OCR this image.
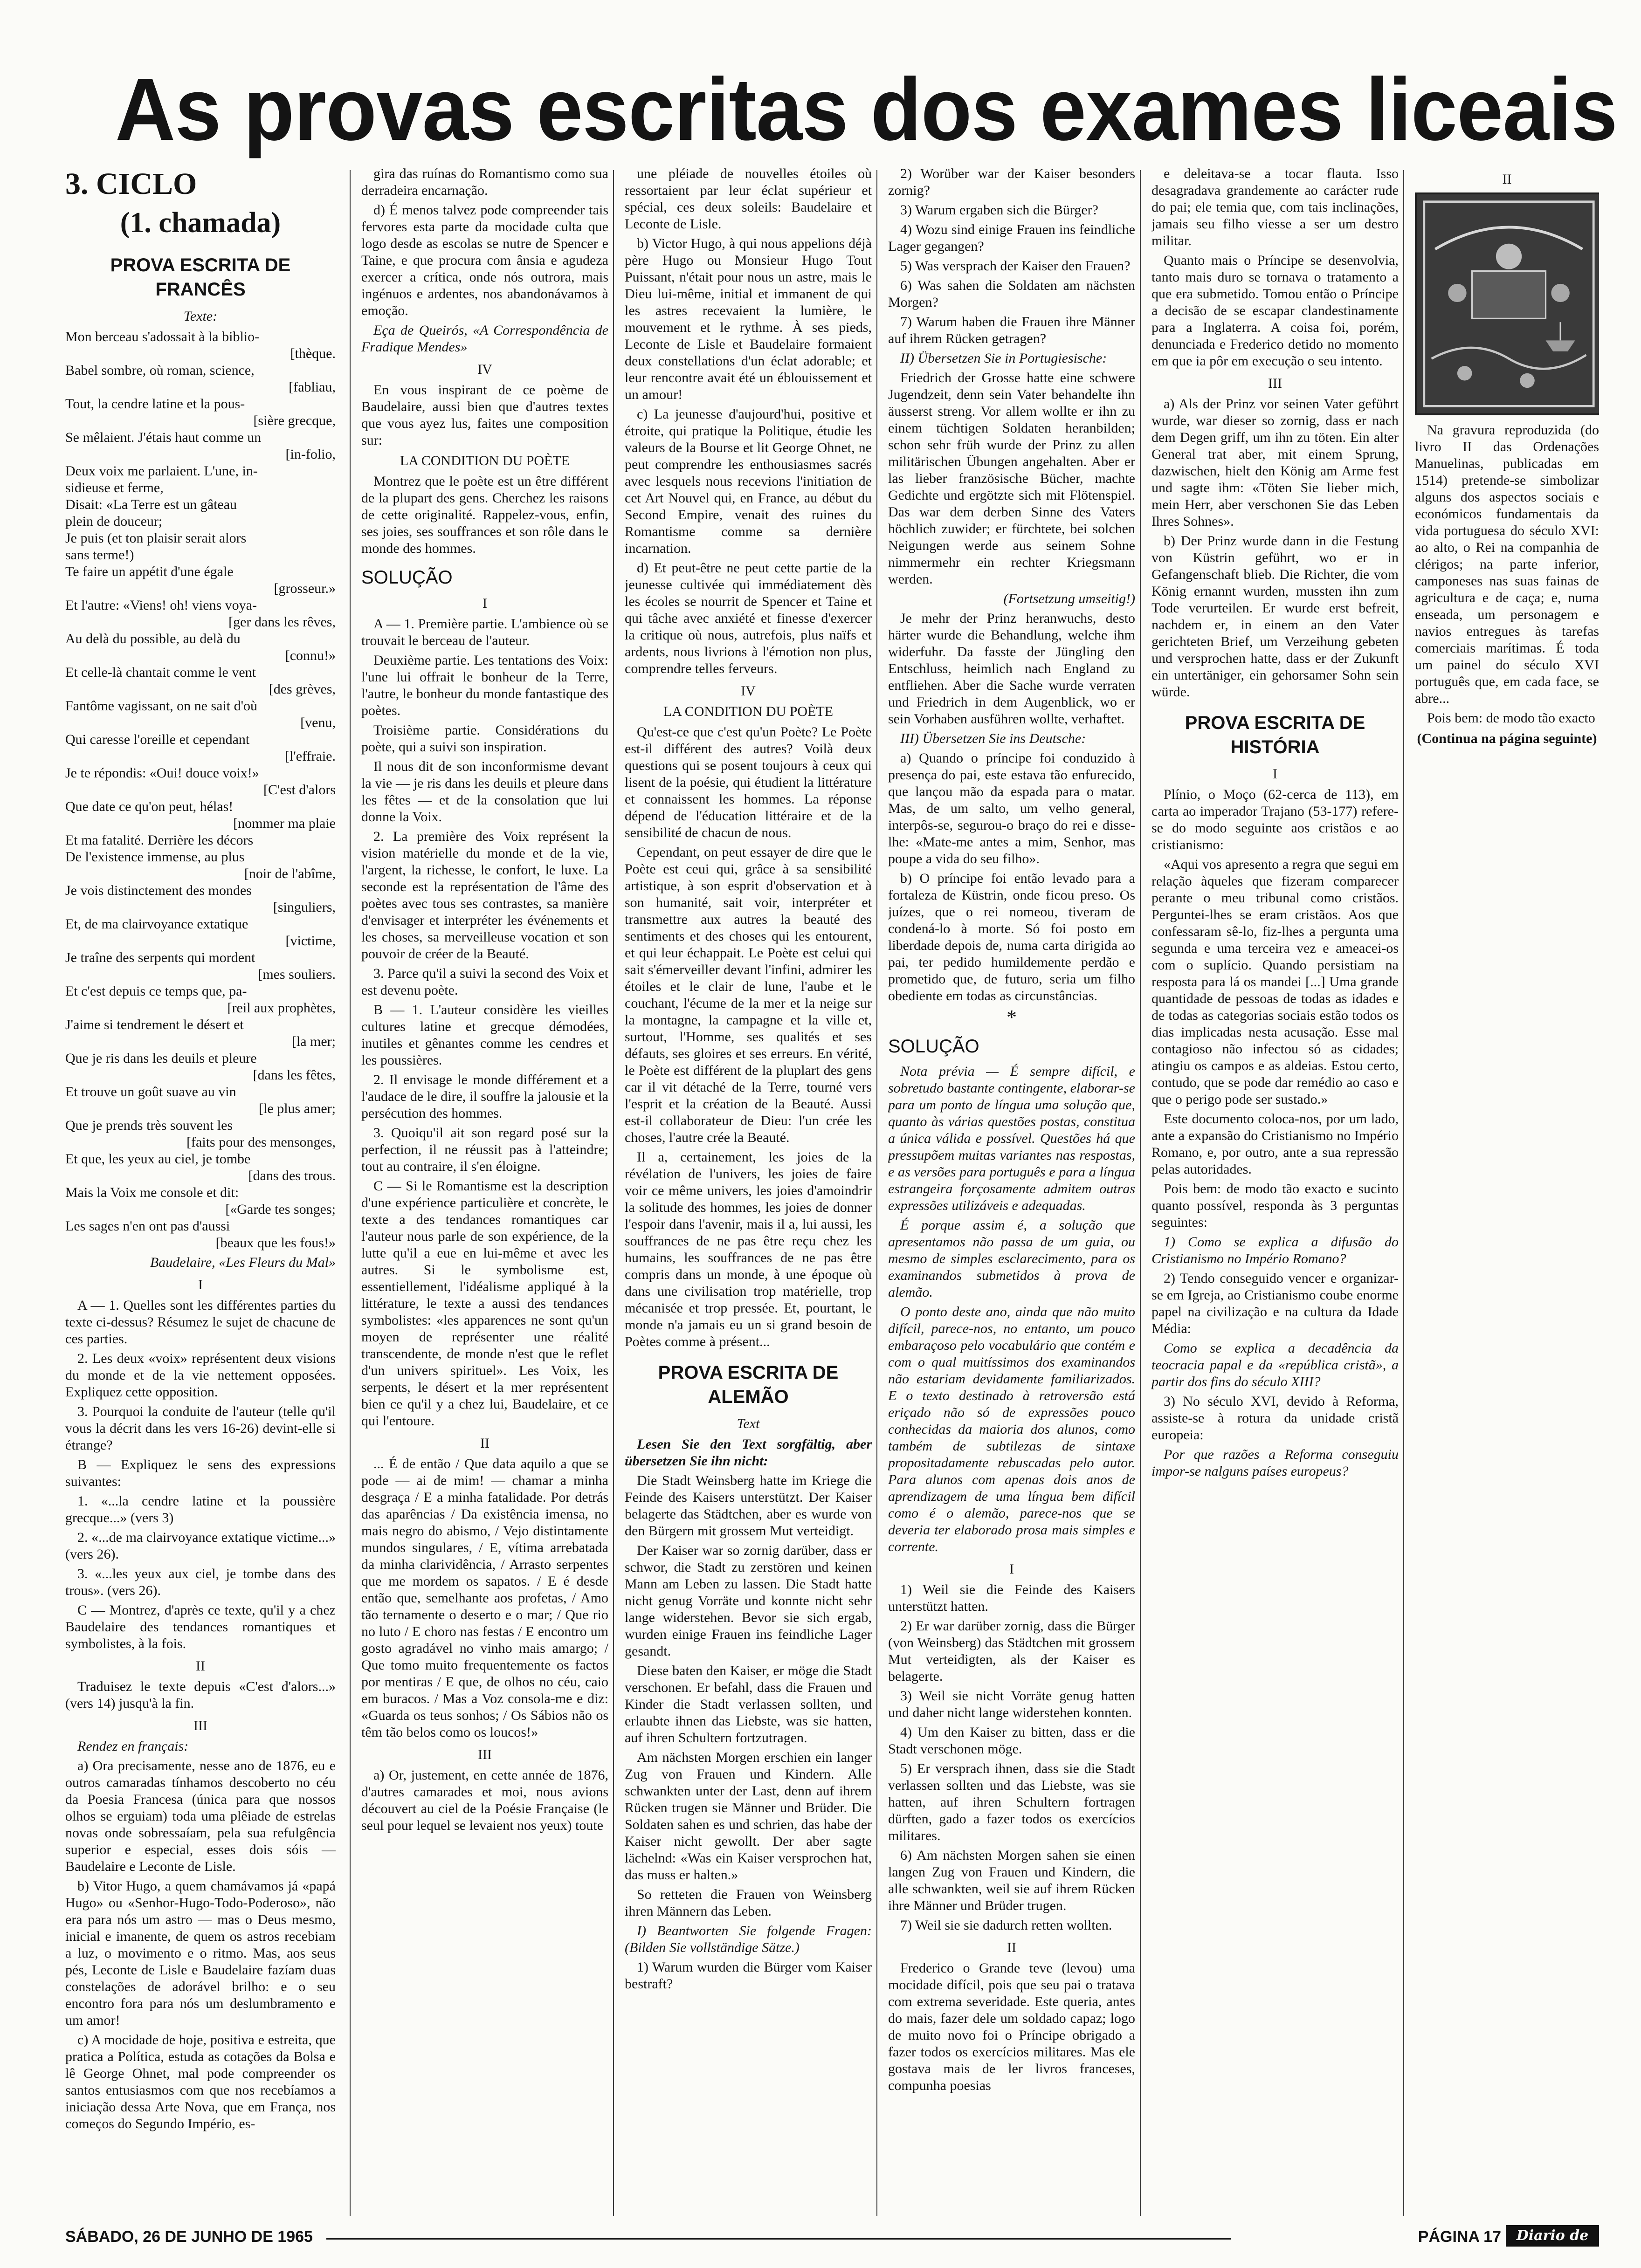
As provas escritas dos exames liceais

3. CICLO

(1. chamada)

PROVA ESCRITA DE FRANCÊS

Texte:

Mon berceau s'adossait à la biblio-
[thèque.
Babel sombre, où roman, science,
[fabliau,
Tout, la cendre latine et la pous-
[sière grecque,
Se mêlaient. J'étais haut comme un
[in-folio,
Deux voix me parlaient. L'une, in-
sidieuse et ferme,
Disait: «La Terre est un gâteau
plein de douceur;
Je puis (et ton plaisir serait alors
sans terme!)
Te faire un appétit d'une égale
[grosseur.»
Et l'autre: «Viens! oh! viens voya-
[ger dans les rêves,
Au delà du possible, au delà du
[connu!»
Et celle-là chantait comme le vent
[des grèves,
Fantôme vagissant, on ne sait d'où
[venu,
Qui caresse l'oreille et cependant
[l'effraie.
Je te répondis: «Oui! douce voix!»
[C'est d'alors
Que date ce qu'on peut, hélas!
[nommer ma plaie
Et ma fatalité. Derrière les décors
De l'existence immense, au plus
[noir de l'abîme,
Je vois distinctement des mondes
[singuliers,
Et, de ma clairvoyance extatique
[victime,
Je traîne des serpents qui mordent
[mes souliers.
Et c'est depuis ce temps que, pa-
[reil aux prophètes,
J'aime si tendrement le désert et
[la mer;
Que je ris dans les deuils et pleure
[dans les fêtes,
Et trouve un goût suave au vin
[le plus amer;
Que je prends très souvent les
[faits pour des mensonges,
Et que, les yeux au ciel, je tombe
[dans des trous.
Mais la Voix me console et dit:
[«Garde tes songes;
Les sages n'en ont pas d'aussi
[beaux que les fous!»

Baudelaire, «Les Fleurs du Mal»

I

A — 1. Quelles sont les différentes parties du texte ci-dessus? Résumez le sujet de chacune de ces parties.

2. Les deux «voix» représentent deux visions du monde et de la vie nettement opposées. Expliquez cette opposition.

3. Pourquoi la conduite de l'auteur (telle qu'il vous la décrit dans les vers 16-26) devint-elle si étrange?

B — Expliquez le sens des expressions suivantes:

1. «...la cendre latine et la poussière grecque...» (vers 3)

2. «...de ma clairvoyance extatique victime...» (vers 26).

3. «...les yeux aux ciel, je tombe dans des trous». (vers 26).

C — Montrez, d'après ce texte, qu'il y a chez Baudelaire des tendances romantiques et symbolistes, à la fois.

II

Traduisez le texte depuis «C'est d'alors...» (vers 14) jusqu'à la fin.

III

Rendez en français:

a) Ora precisamente, nesse ano de 1876, eu e outros camaradas tínhamos descoberto no céu da Poesia Francesa (única para que nossos olhos se erguiam) toda uma plêiade de estrelas novas onde sobressaíam, pela sua refulgência superior e especial, esses dois sóis — Baudelaire e Leconte de Lisle.

b) Vitor Hugo, a quem chamávamos já «papá Hugo» ou «Senhor-Hugo-Todo-Poderoso», não era para nós um astro — mas o Deus mesmo, inicial e imanente, de quem os astros recebiam a luz, o movimento e o ritmo. Mas, aos seus pés, Leconte de Lisle e Baudelaire fazíam duas constelações de adorável brilho: e o seu encontro fora para nós um deslumbramento e um amor!

c) A mocidade de hoje, positiva e estreita, que pratica a Política, estuda as cotações da Bolsa e lê George Ohnet, mal pode compreender os santos entusiasmos com que nos recebíamos a iniciação dessa Arte Nova, que em França, nos começos do Segundo Império, es-

gira das ruínas do Romantismo como sua derradeira encarnação.

d) É menos talvez pode compreender tais fervores esta parte da mocidade culta que logo desde as escolas se nutre de Spencer e Taine, e que procura com ânsia e agudeza exercer a crítica, onde nós outrora, mais ingénuos e ardentes, nos abandonávamos à emoção.

Eça de Queirós, «A Correspondência de Fradique Mendes»

IV

En vous inspirant de ce poème de Baudelaire, aussi bien que d'autres textes que vous ayez lus, faites une composition sur:

LA CONDITION DU POÈTE

Montrez que le poète est un être différent de la plupart des gens. Cherchez les raisons de cette originalité. Rappelez-vous, enfin, ses joies, ses souffrances et son rôle dans le monde des hommes.

SOLUÇÃO

I

A — 1. Première partie. L'ambience où se trouvait le berceau de l'auteur.

Deuxième partie. Les tentations des Voix: l'une lui offrait le bonheur de la Terre, l'autre, le bonheur du monde fantastique des poètes.

Troisième partie. Considérations du poète, qui a suivi son inspiration.

Il nous dit de son inconformisme devant la vie — je ris dans les deuils et pleure dans les fêtes — et de la consolation que lui donne la Voix.

2. La première des Voix représent la vision matérielle du monde et de la vie, l'argent, la richesse, le confort, le luxe. La seconde est la représentation de l'âme des poètes avec tous ses contrastes, sa manière d'envisager et interpréter les événements et les choses, sa merveilleuse vocation et son pouvoir de créer de la Beauté.

3. Parce qu'il a suivi la second des Voix et est devenu poète.

B — 1. L'auteur considère les vieilles cultures latine et grecque démodées, inutiles et gênantes comme les cendres et les poussières.

2. Il envisage le monde différement et a l'audace de le dire, il souffre la jalousie et la persécution des hommes.

3. Quoiqu'il ait son regard posé sur la perfection, il ne réussit pas à l'atteindre; tout au contraire, il s'en éloigne.

C — Si le Romantisme est la description d'une expérience particulière et concrète, le texte a des tendances romantiques car l'auteur nous parle de son expérience, de la lutte qu'il a eue en lui-même et avec les autres. Si le symbolisme est, essentiellement, l'idéalisme appliqué à la littérature, le texte a aussi des tendances symbolistes: «les apparences ne sont qu'un moyen de représenter une réalité transcendente, de monde n'est que le reflet d'un univers spirituel». Les Voix, les serpents, le désert et la mer représentent bien ce qu'il y a chez lui, Baudelaire, et ce qui l'entoure.

II

... É de então / Que data aquilo a que se pode — ai de mim! — chamar a minha desgraça / E a minha fatalidade. Por detrás das aparências / Da existência imensa, no mais negro do abismo, / Vejo distintamente mundos singulares, / E, vítima arrebatada da minha clarividência, / Arrasto serpentes que me mordem os sapatos. / E é desde então que, semelhante aos profetas, / Amo tão ternamente o deserto e o mar; / Que rio no luto / E choro nas festas / E encontro um gosto agradável no vinho mais amargo; / Que tomo muito frequentemente os factos por mentiras / E que, de olhos no céu, caio em buracos. / Mas a Voz consola-me e diz: «Guarda os teus sonhos; / Os Sábios não os têm tão belos como os loucos!»

III

a) Or, justement, en cette année de 1876, d'autres camarades et moi, nous avions découvert au ciel de la Poésie Française (le seul pour lequel se levaient nos yeux) toute

une pléiade de nouvelles étoiles où ressortaient par leur éclat supérieur et spécial, ces deux soleils: Baudelaire et Leconte de Lisle.

b) Victor Hugo, à qui nous appelions déjà père Hugo ou Monsieur Hugo Tout Puissant, n'était pour nous un astre, mais le Dieu lui-même, initial et immanent de qui les astres recevaient la lumière, le mouvement et le rythme. À ses pieds, Leconte de Lisle et Baudelaire formaient deux constellations d'un éclat adorable; et leur rencontre avait été un éblouissement et un amour!

c) La jeunesse d'aujourd'hui, positive et étroite, qui pratique la Politique, étudie les valeurs de la Bourse et lit George Ohnet, ne peut comprendre les enthousiasmes sacrés avec lesquels nous recevions l'initiation de cet Art Nouvel qui, en France, au début du Second Empire, venait des ruines du Romantisme comme sa dernière incarnation.

d) Et peut-être ne peut cette partie de la jeunesse cultivée qui immédiatement dès les écoles se nourrit de Spencer et Taine et qui tâche avec anxiété et finesse d'exercer la critique où nous, autrefois, plus naïfs et ardents, nous livrions à l'émotion non plus, comprendre telles ferveurs.

IV

LA CONDITION DU POÈTE

Qu'est-ce que c'est qu'un Poète? Le Poète est-il différent des autres? Voilà deux questions qui se posent toujours à ceux qui lisent de la poésie, qui étudient la littérature et connaissent les hommes. La réponse dépend de l'éducation littéraire et de la sensibilité de chacun de nous.

Cependant, on peut essayer de dire que le Poète est ceui qui, grâce à sa sensibilité artistique, à son esprit d'observation et à son humanité, sait voir, interpréter et transmettre aux autres la beauté des sentiments et des choses qui les entourent, et qui leur échappait. Le Poète est celui qui sait s'émerveiller devant l'infini, admirer les étoiles et le clair de lune, l'aube et le couchant, l'écume de la mer et la neige sur la montagne, la campagne et la ville et, surtout, l'Homme, ses qualités et ses défauts, ses gloires et ses erreurs. En vérité, le Poète est différent de la pluplart des gens car il vit détaché de la Terre, tourné vers l'esprit et la création de la Beauté. Aussi est-il collaborateur de Dieu: l'un crée les choses, l'autre crée la Beauté.

Il a, certainement, les joies de la révélation de l'univers, les joies de faire voir ce même univers, les joies d'amoindrir la solitude des hommes, les joies de donner l'espoir dans l'avenir, mais il a, lui aussi, les souffrances de ne pas être reçu chez les humains, les souffrances de ne pas être compris dans un monde, à une époque où dans une civilisation trop matérielle, trop mécanisée et trop pressée. Et, pourtant, le monde n'a jamais eu un si grand besoin de Poètes comme à présent...

PROVA ESCRITA DE ALEMÃO

Text

Lesen Sie den Text sorgfältig, aber übersetzen Sie ihn nicht:

Die Stadt Weinsberg hatte im Kriege die Feinde des Kaisers unterstützt. Der Kaiser belagerte das Städtchen, aber es wurde von den Bürgern mit grossem Mut verteidigt.

Der Kaiser war so zornig darüber, dass er schwor, die Stadt zu zerstören und keinen Mann am Leben zu lassen. Die Stadt hatte nicht genug Vorräte und konnte nicht sehr lange widerstehen. Bevor sie sich ergab, wurden einige Frauen ins feindliche Lager gesandt.

Diese baten den Kaiser, er möge die Stadt verschonen. Er befahl, dass die Frauen und Kinder die Stadt verlassen sollten, und erlaubte ihnen das Liebste, was sie hatten, auf ihren Schultern fortzutragen.

Am nächsten Morgen erschien ein langer Zug von Frauen und Kindern. Alle schwankten unter der Last, denn auf ihrem Rücken trugen sie Männer und Brüder. Die Soldaten sahen es und schrien, das habe der Kaiser nicht gewollt. Der aber sagte lächelnd: «Was ein Kaiser versprochen hat, das muss er halten.»

So retteten die Frauen von Weinsberg ihren Männern das Leben.

I) Beantworten Sie folgende Fragen: (Bilden Sie vollständige Sätze.)

1) Warum wurden die Bürger vom Kaiser bestraft?

2) Worüber war der Kaiser besonders zornig?

3) Warum ergaben sich die Bürger?

4) Wozu sind einige Frauen ins feindliche Lager gegangen?

5) Was versprach der Kaiser den Frauen?

6) Was sahen die Soldaten am nächsten Morgen?

7) Warum haben die Frauen ihre Männer auf ihrem Rücken getragen?

II) Übersetzen Sie in Portugiesische:

Friedrich der Grosse hatte eine schwere Jugendzeit, denn sein Vater behandelte ihn äusserst streng. Vor allem wollte er ihn zu einem tüchtigen Soldaten heranbilden; schon sehr früh wurde der Prinz zu allen militärischen Übungen angehalten. Aber er las lieber französische Bücher, machte Gedichte und ergötzte sich mit Flötenspiel. Das war dem derben Sinne des Vaters höchlich zuwider; er fürchtete, bei solchen Neigungen werde aus seinem Sohne nimmermehr ein rechter Kriegsmann werden.

(Fortsetzung umseitig!)

Je mehr der Prinz heranwuchs, desto härter wurde die Behandlung, welche ihm widerfuhr. Da fasste der Jüngling den Entschluss, heimlich nach England zu entfliehen. Aber die Sache wurde verraten und Friedrich in dem Augenblick, wo er sein Vorhaben ausführen wollte, verhaftet.

III) Übersetzen Sie ins Deutsche:

a) Quando o príncipe foi conduzido à presença do pai, este estava tão enfurecido, que lançou mão da espada para o matar. Mas, de um salto, um velho general, interpôs-se, segurou-o braço do rei e disse-lhe: «Mate-me antes a mim, Senhor, mas poupe a vida do seu filho».

b) O príncipe foi então levado para a fortaleza de Küstrin, onde ficou preso. Os juízes, que o rei nomeou, tiveram de condená-lo à morte. Só foi posto em liberdade depois de, numa carta dirigida ao pai, ter pedido humildemente perdão e prometido que, de futuro, seria um filho obediente em todas as circunstâncias.

*

SOLUÇÃO

Nota prévia — É sempre difícil, e sobretudo bastante contingente, elaborar-se para um ponto de língua uma solução que, quanto às várias questões postas, constitua a única válida e possível. Questões há que pressupõem muitas variantes nas respostas, e as versões para português e para a língua estrangeira forçosamente admitem outras expressões utilizáveis e adequadas.

É porque assim é, a solução que apresentamos não passa de um guia, ou mesmo de simples esclarecimento, para os examinandos submetidos à prova de alemão.

O ponto deste ano, ainda que não muito difícil, parece-nos, no entanto, um pouco embaraçoso pelo vocabulário que contém e com o qual muitíssimos dos examinandos não estariam devidamente familiarizados. E o texto destinado à retroversão está eriçado não só de expressões pouco conhecidas da maioria dos alunos, como também de subtilezas de sintaxe propositadamente rebuscadas pelo autor. Para alunos com apenas dois anos de aprendizagem de uma língua bem difícil como é o alemão, parece-nos que se deveria ter elaborado prosa mais simples e corrente.

I

1) Weil sie die Feinde des Kaisers unterstützt hatten.

2) Er war darüber zornig, dass die Bürger (von Weinsberg) das Städtchen mit grossem Mut verteidigten, als der Kaiser es belagerte.

3) Weil sie nicht Vorräte genug hatten und daher nicht lange widerstehen konnten.

4) Um den Kaiser zu bitten, dass er die Stadt verschonen möge.

5) Er versprach ihnen, dass sie die Stadt verlassen sollten und das Liebste, was sie hatten, auf ihren Schultern fortragen dürften, gado a fazer todos os exercícios militares.

6) Am nächsten Morgen sahen sie einen langen Zug von Frauen und Kindern, die alle schwankten, weil sie auf ihrem Rücken ihre Männer und Brüder trugen.

7) Weil sie sie dadurch retten wollten.

II

Frederico o Grande teve (levou) uma mocidade difícil, pois que seu pai o tratava com extrema severidade. Este queria, antes do mais, fazer dele um soldado capaz; logo de muito novo foi o Príncipe obrigado a fazer todos os exercícios militares. Mas ele gostava mais de ler livros franceses, compunha poesias

e deleitava-se a tocar flauta. Isso desagradava grandemente ao carácter rude do pai; ele temia que, com tais inclinações, jamais seu filho viesse a ser um destro militar.

Quanto mais o Príncipe se desenvolvia, tanto mais duro se tornava o tratamento a que era submetido. Tomou então o Príncipe a decisão de se escapar clandestinamente para a Inglaterra. A coisa foi, porém, denunciada e Frederico detido no momento em que ia pôr em execução o seu intento.

III

a) Als der Prinz vor seinen Vater geführt wurde, war dieser so zornig, dass er nach dem Degen griff, um ihn zu töten. Ein alter General trat aber, mit einem Sprung, dazwischen, hielt den König am Arme fest und sagte ihm: «Töten Sie lieber mich, mein Herr, aber verschonen Sie das Leben Ihres Sohnes».

b) Der Prinz wurde dann in die Festung von Küstrin geführt, wo er in Gefangenschaft blieb. Die Richter, die vom König ernannt wurden, mussten ihn zum Tode verurteilen. Er wurde erst befreit, nachdem er, in einem an den Vater gerichteten Brief, um Verzeihung gebeten und versprochen hatte, dass er der Zukunft ein untertäniger, ein gehorsamer Sohn sein würde.

PROVA ESCRITA DE HISTÓRIA

I

Plínio, o Moço (62-cerca de 113), em carta ao imperador Trajano (53-177) refere-se do modo seguinte aos cristãos e ao cristianismo:

«Aqui vos apresento a regra que segui em relação àqueles que fizeram comparecer perante o meu tribunal como cristãos. Perguntei-lhes se eram cristãos. Aos que confessaram sê-lo, fiz-lhes a pergunta uma segunda e uma terceira vez e ameacei-os com o suplício. Quando persistiam na resposta para lá os mandei [...] Uma grande quantidade de pessoas de todas as idades e de todas as categorias sociais estão todos os dias implicadas nesta acusação. Esse mal contagioso não infectou só as cidades; atingiu os campos e as aldeias. Estou certo, contudo, que se pode dar remédio ao caso e que o perigo pode ser sustado.»

Este documento coloca-nos, por um lado, ante a expansão do Cristianismo no Império Romano, e, por outro, ante a sua repressão pelas autoridades.

Pois bem: de modo tão exacto e sucinto quanto possível, responda às 3 perguntas seguintes:

1) Como se explica a difusão do Cristianismo no Império Romano?

2) Tendo conseguido vencer e organizar-se em Igreja, ao Cristianismo coube enorme papel na civilização e na cultura da Idade Média:

Como se explica a decadência da teocracia papal e da «república cristã», a partir dos fins do século XIII?

3) No século XVI, devido à Reforma, assiste-se à rotura da unidade cristã europeia:

Por que razões a Reforma conseguiu impor-se nalguns países europeus?

II

Na gravura reproduzida (do livro II das Ordenações Manuelinas, publicadas em 1514) pretende-se simbolizar alguns dos aspectos sociais e económicos fundamentais da vida portuguesa do século XVI: ao alto, o Rei na companhia de clérigos; na parte inferior, camponeses nas suas fainas de agricultura e de caça; e, numa enseada, um personagem e navios entregues às tarefas comerciais marítimas. É toda um painel do século XVI português que, em cada face, se abre...

Pois bem: de modo tão exacto

(Continua na página seguinte)

SÁBADO, 26 DE JUNHO DE 1965	PÁGINA 17	Diario de Lisboa
